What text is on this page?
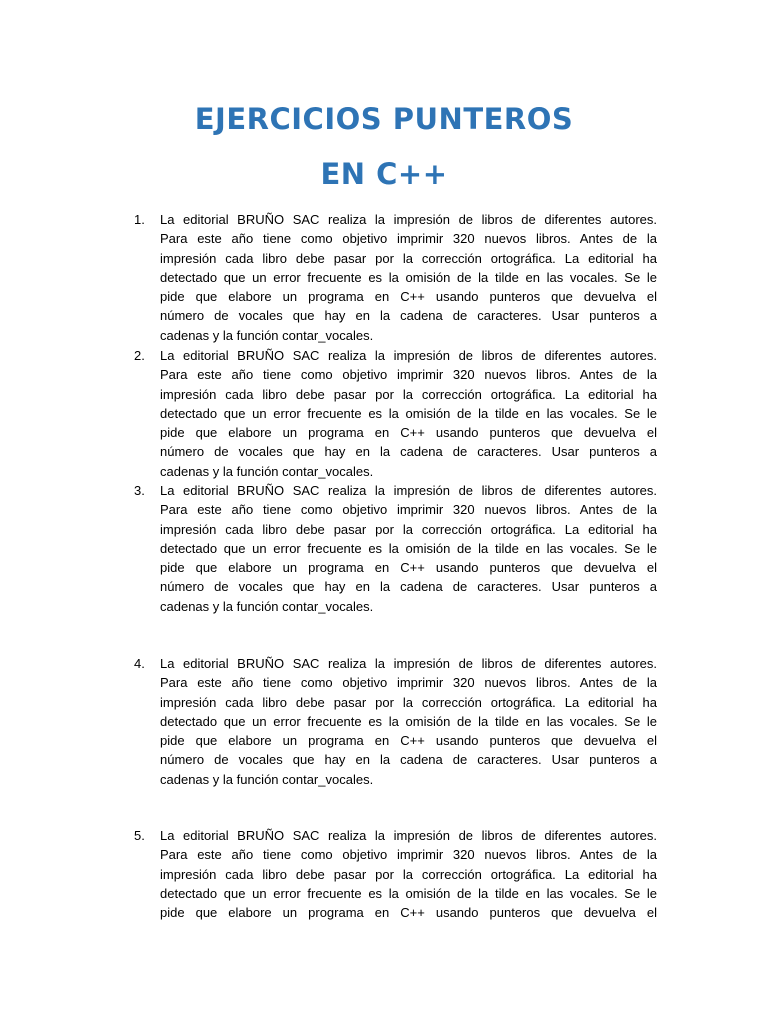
EJERCICIOS PUNTEROS
EN C++
1.	La editorial BRUÑO SAC realiza la impresión de libros de diferentes autores.
Para este año tiene como objetivo imprimir 320 nuevos libros. Antes de la
impresión cada libro debe pasar por la corrección ortográfica. La editorial ha
detectado que un error frecuente es la omisión de la tilde en las vocales. Se le
pide que elabore un programa en C++ usando punteros que devuelva el
número de vocales que hay en la cadena de caracteres. Usar punteros a
cadenas y la función contar_vocales.
2.	La editorial BRUÑO SAC realiza la impresión de libros de diferentes autores.
Para este año tiene como objetivo imprimir 320 nuevos libros. Antes de la
impresión cada libro debe pasar por la corrección ortográfica. La editorial ha
detectado que un error frecuente es la omisión de la tilde en las vocales. Se le
pide que elabore un programa en C++ usando punteros que devuelva el
número de vocales que hay en la cadena de caracteres. Usar punteros a
cadenas y la función contar_vocales.
3.	La editorial BRUÑO SAC realiza la impresión de libros de diferentes autores.
Para este año tiene como objetivo imprimir 320 nuevos libros. Antes de la
impresión cada libro debe pasar por la corrección ortográfica. La editorial ha
detectado que un error frecuente es la omisión de la tilde en las vocales. Se le
pide que elabore un programa en C++ usando punteros que devuelva el
número de vocales que hay en la cadena de caracteres. Usar punteros a
cadenas y la función contar_vocales.
4.	La editorial BRUÑO SAC realiza la impresión de libros de diferentes autores.
Para este año tiene como objetivo imprimir 320 nuevos libros. Antes de la
impresión cada libro debe pasar por la corrección ortográfica. La editorial ha
detectado que un error frecuente es la omisión de la tilde en las vocales. Se le
pide que elabore un programa en C++ usando punteros que devuelva el
número de vocales que hay en la cadena de caracteres. Usar punteros a
cadenas y la función contar_vocales.
5.	La editorial BRUÑO SAC realiza la impresión de libros de diferentes autores.
Para este año tiene como objetivo imprimir 320 nuevos libros. Antes de la
impresión cada libro debe pasar por la corrección ortográfica. La editorial ha
detectado que un error frecuente es la omisión de la tilde en las vocales. Se le
pide que elabore un programa en C++ usando punteros que devuelva el
